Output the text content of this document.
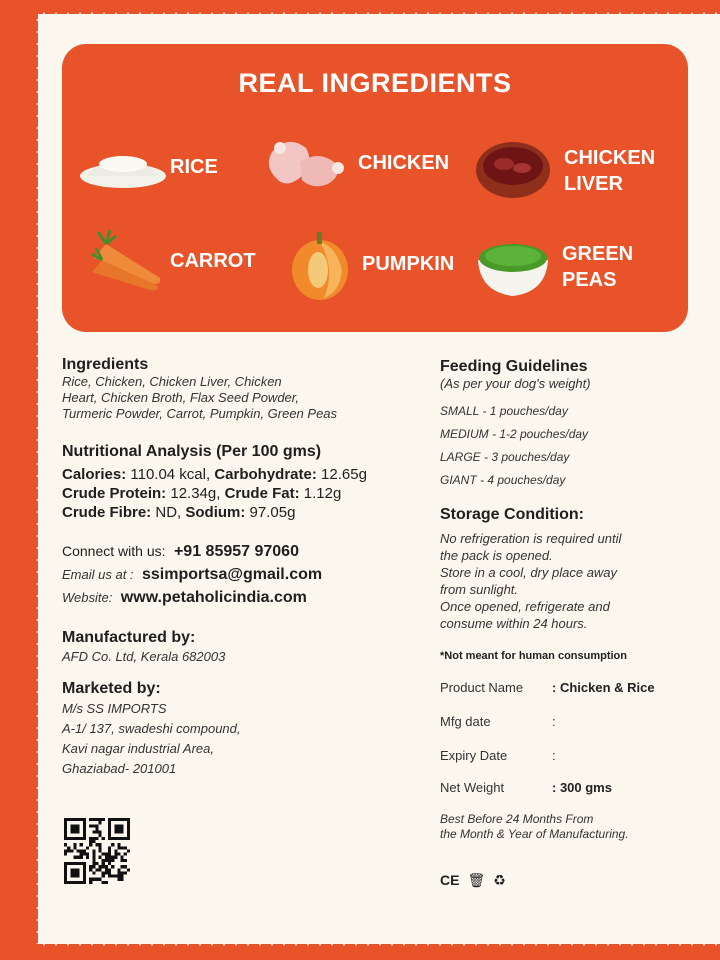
REAL INGREDIENTS
RICE	CHICKEN	CHICKEN
LIVER
CARROT	PUMPKIN	GREEN
PEAS
Ingredients
Rice, Chicken, Chicken Liver, Chicken
Heart, Chicken Broth, Flax Seed Powder,
Turmeric Powder, Carrot, Pumpkin, Green Peas
Nutritional Analysis (Per 100 gms)
Calories: 110.04 kcal, Carbohydrate: 12.65g
Crude Protein: 12.34g, Crude Fat: 1.12g
Crude Fibre: ND, Sodium: 97.05g
Connect with us: +91 85957 97060
Email us at : ssimportsa@gmail.com
Website: www.petaholicindia.com
Manufactured by:
AFD Co. Ltd, Kerala 682003
Marketed by:
M/s SS IMPORTS
A-1/ 137, swadeshi compound,
Kavi nagar industrial Area,
Ghaziabad- 201001
Feeding Guidelines
(As per your dog's weight)
SMALL - 1 pouches/day
MEDIUM - 1-2 pouches/day
LARGE - 3 pouches/day
GIANT - 4 pouches/day
Storage Condition:
No refrigeration is required until
the pack is opened.
Store in a cool, dry place away
from sunlight.
Once opened, refrigerate and
consume within 24 hours.
*Not meant for human consumption
Product Name	: Chicken & Rice
Mfg date	:
Expiry Date	:
Net Weight	: 300 gms
Best Before 24 Months From
the Month & Year of Manufacturing.
CE 🗑 ♻
